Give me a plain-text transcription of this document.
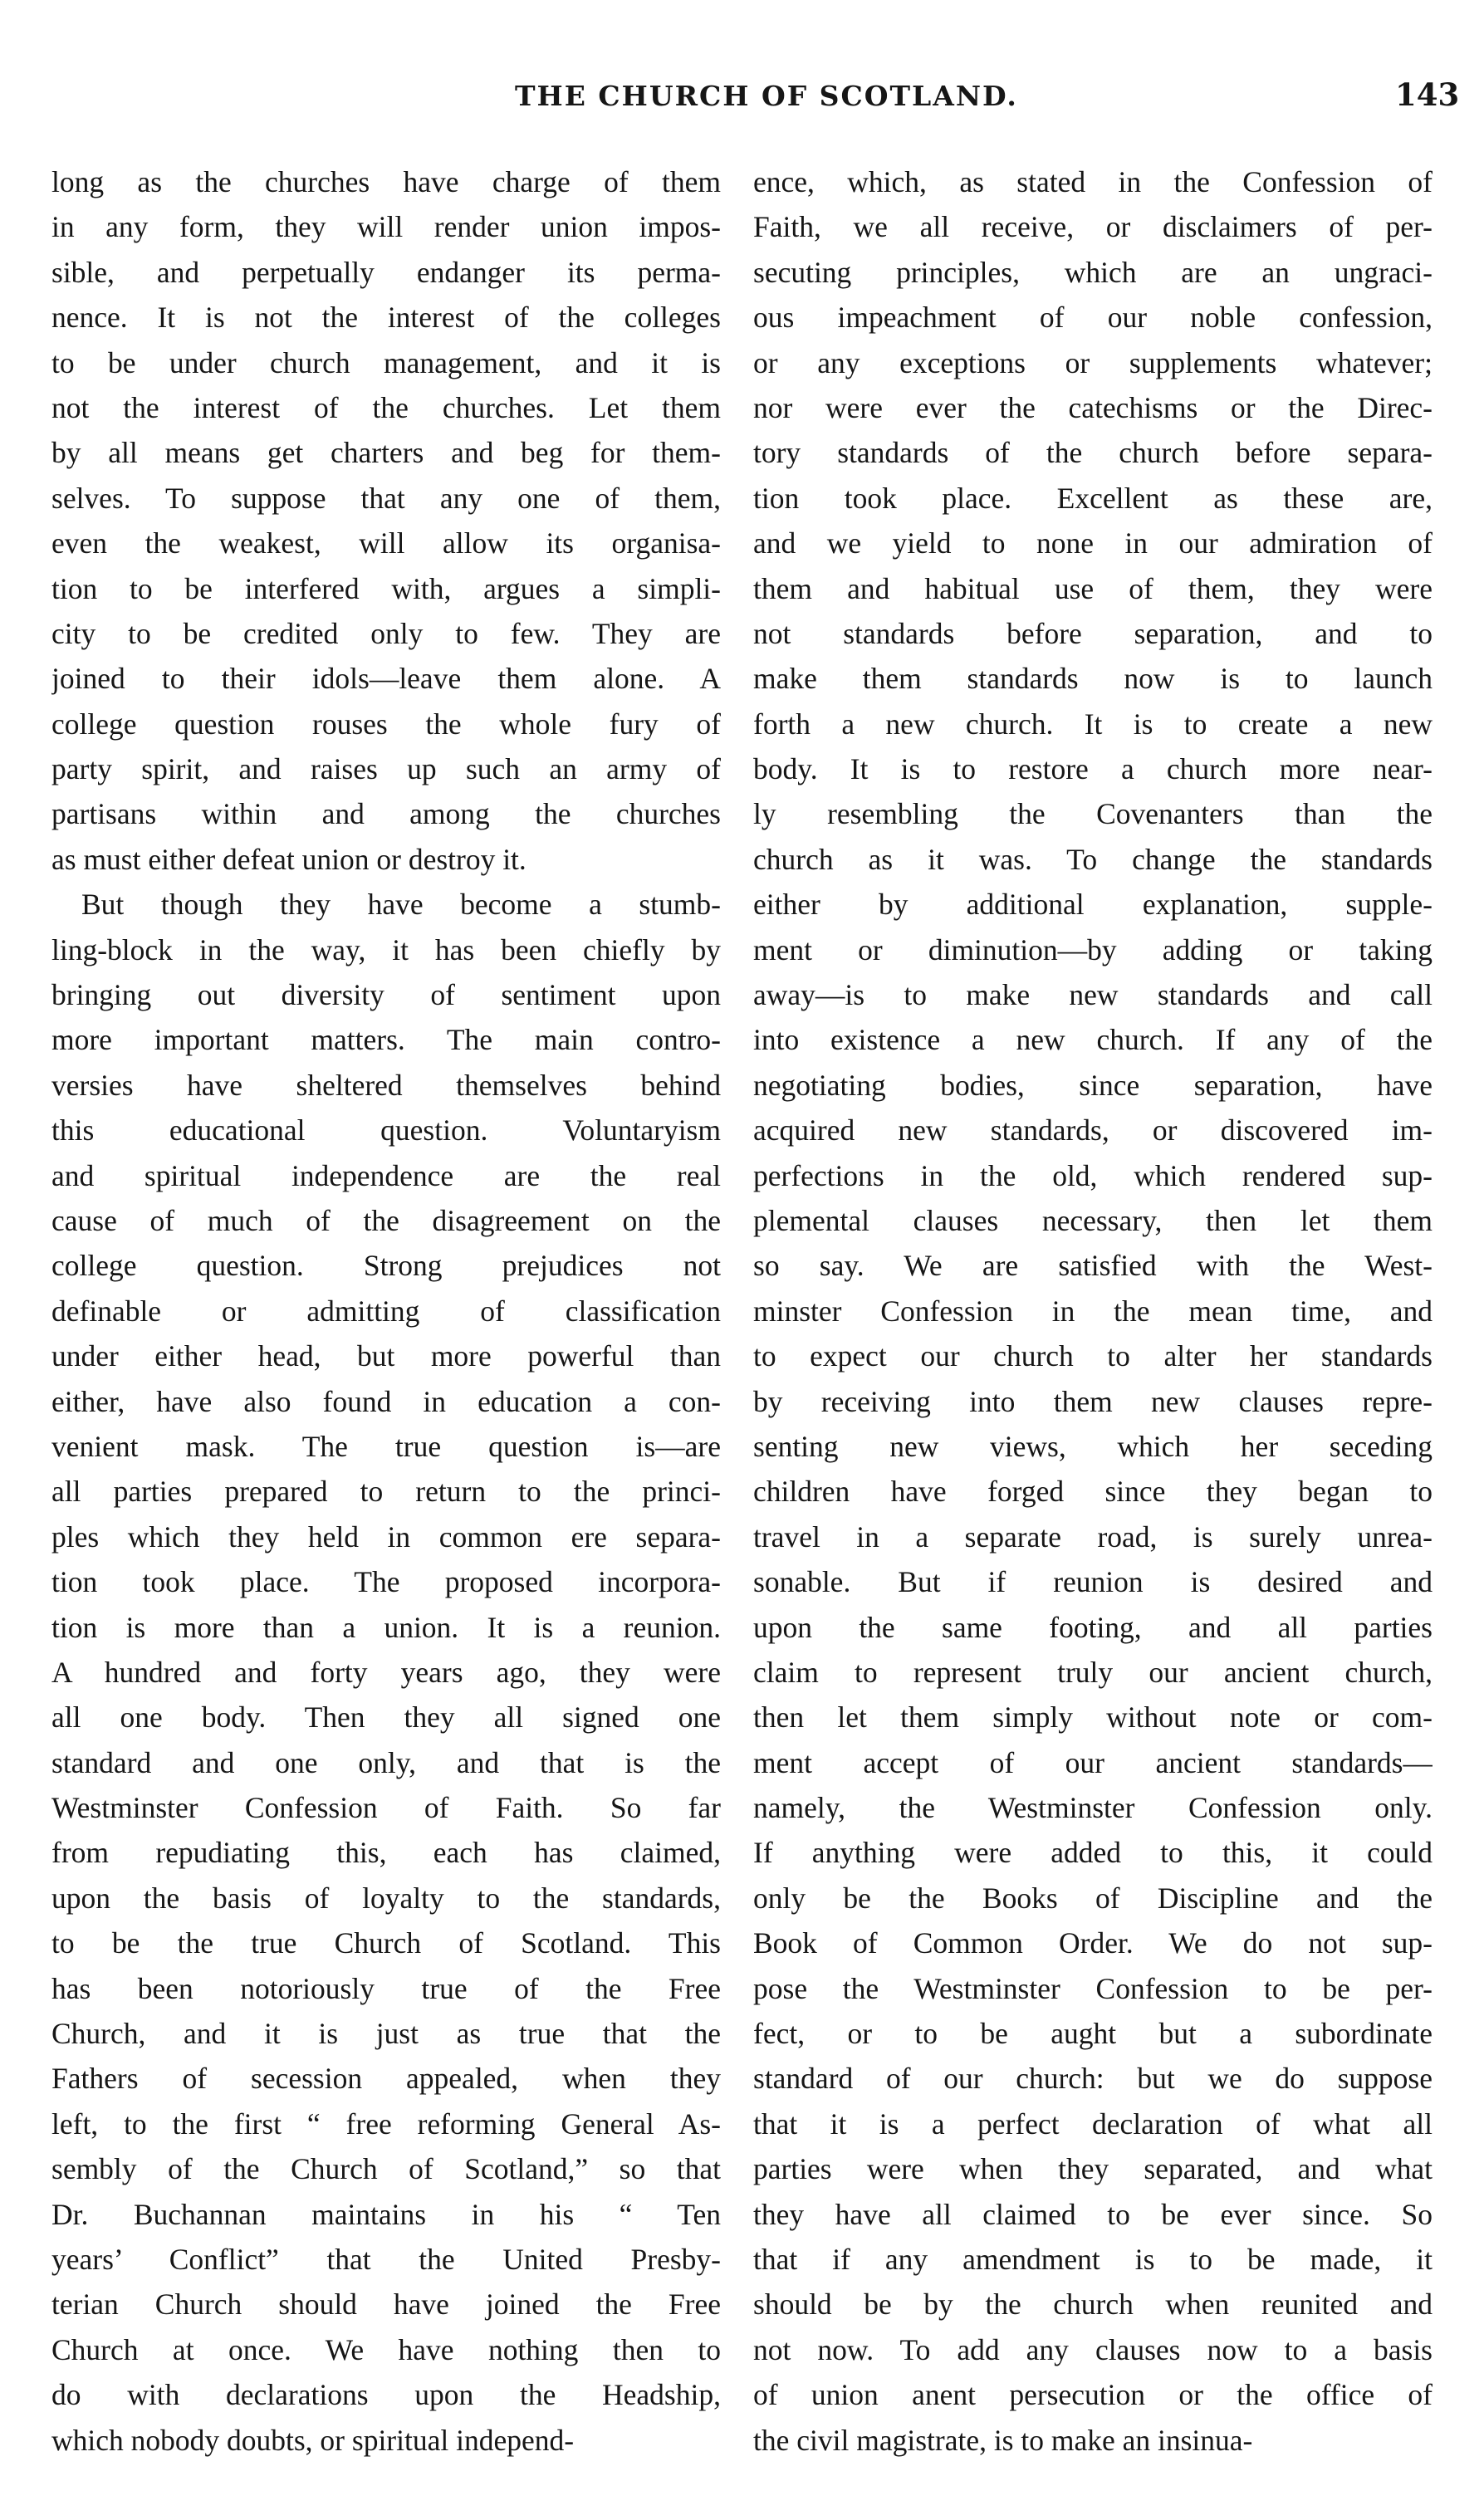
THE CHURCH OF SCOTLAND.	143
long as the churches have charge of them
in any form, they will render union impos-
sible, and perpetually endanger its perma-
nence. It is not the interest of the colleges
to be under church management, and it is
not the interest of the churches. Let them
by all means get charters and beg for them-
selves. To suppose that any one of them,
even the weakest, will allow its organisa-
tion to be interfered with, argues a simpli-
city to be credited only to few. They are
joined to their idols—leave them alone. A
college question rouses the whole fury of
party spirit, and raises up such an army of
partisans within and among the churches
as must either defeat union or destroy it.
But though they have become a stumb-
ling-block in the way, it has been chiefly by
bringing out diversity of sentiment upon
more important matters. The main contro-
versies have sheltered themselves behind
this educational question. Voluntaryism
and spiritual independence are the real
cause of much of the disagreement on the
college question. Strong prejudices not
definable or admitting of classification
under either head, but more powerful than
either, have also found in education a con-
venient mask. The true question is—are
all parties prepared to return to the princi-
ples which they held in common ere separa-
tion took place. The proposed incorpora-
tion is more than a union. It is a reunion.
A hundred and forty years ago, they were
all one body. Then they all signed one
standard and one only, and that is the
Westminster Confession of Faith. So far
from repudiating this, each has claimed,
upon the basis of loyalty to the standards,
to be the true Church of Scotland. This
has been notoriously true of the Free
Church, and it is just as true that the
Fathers of secession appealed, when they
left, to the first “ free reforming General As-
sembly of the Church of Scotland,” so that
Dr. Buchannan maintains in his “ Ten
years’ Conflict” that the United Presby-
terian Church should have joined the Free
Church at once. We have nothing then to
do with declarations upon the Headship,
which nobody doubts, or spiritual independ-
ence, which, as stated in the Confession of
Faith, we all receive, or disclaimers of per-
secuting principles, which are an ungraci-
ous impeachment of our noble confession,
or any exceptions or supplements whatever;
nor were ever the catechisms or the Direc-
tory standards of the church before separa-
tion took place. Excellent as these are,
and we yield to none in our admiration of
them and habitual use of them, they were
not standards before separation, and to
make them standards now is to launch
forth a new church. It is to create a new
body. It is to restore a church more near-
ly resembling the Covenanters than the
church as it was. To change the standards
either by additional explanation, supple-
ment or diminution—by adding or taking
away—is to make new standards and call
into existence a new church. If any of the
negotiating bodies, since separation, have
acquired new standards, or discovered im-
perfections in the old, which rendered sup-
plemental clauses necessary, then let them
so say. We are satisfied with the West-
minster Confession in the mean time, and
to expect our church to alter her standards
by receiving into them new clauses repre-
senting new views, which her seceding
children have forged since they began to
travel in a separate road, is surely unrea-
sonable. But if reunion is desired and
upon the same footing, and all parties
claim to represent truly our ancient church,
then let them simply without note or com-
ment accept of our ancient standards—
namely, the Westminster Confession only.
If anything were added to this, it could
only be the Books of Discipline and the
Book of Common Order. We do not sup-
pose the Westminster Confession to be per-
fect, or to be aught but a subordinate
standard of our church: but we do suppose
that it is a perfect declaration of what all
parties were when they separated, and what
they have all claimed to be ever since. So
that if any amendment is to be made, it
should be by the church when reunited and
not now. To add any clauses now to a basis
of union anent persecution or the office of
the civil magistrate, is to make an insinua-
